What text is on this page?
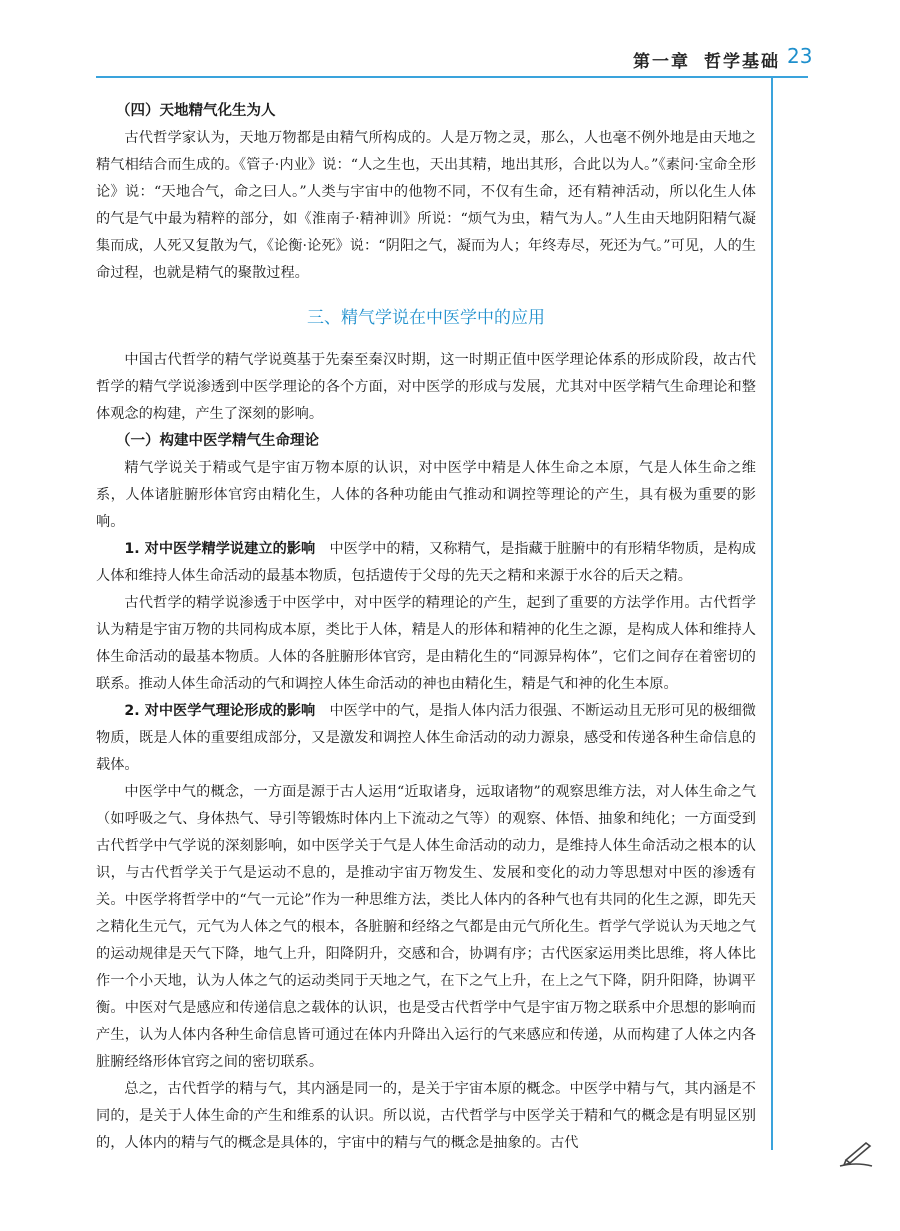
第一章 哲学基础 23
（四）天地精气化生为人

古代哲学家认为，天地万物都是由精气所构成的。人是万物之灵，那么，人也毫不例外地是由天地之精气相结合而生成的。《管子·内业》说：“人之生也，天出其精，地出其形，合此以为人。”《素问·宝命全形论》说：“天地合气，命之曰人。”人类与宇宙中的他物不同，不仅有生命，还有精神活动，所以化生人体的气是气中最为精粹的部分，如《淮南子·精神训》所说：“烦气为虫，精气为人。”人生由天地阴阳精气凝集而成，人死又复散为气，《论衡·论死》说：“阴阳之气，凝而为人；年终寿尽，死还为气。”可见，人的生命过程，也就是精气的聚散过程。

三、精气学说在中医学中的应用

中国古代哲学的精气学说奠基于先秦至秦汉时期，这一时期正值中医学理论体系的形成阶段，故古代哲学的精气学说渗透到中医学理论的各个方面，对中医学的形成与发展，尤其对中医学精气生命理论和整体观念的构建，产生了深刻的影响。

（一）构建中医学精气生命理论

精气学说关于精或气是宇宙万物本原的认识，对中医学中精是人体生命之本原，气是人体生命之维系，人体诸脏腑形体官窍由精化生，人体的各种功能由气推动和调控等理论的产生，具有极为重要的影响。

1. 对中医学精学说建立的影响　 中医学中的精，又称精气，是指藏于脏腑中的有形精华物质，是构成人体和维持人体生命活动的最基本物质，包括遗传于父母的先天之精和来源于水谷的后天之精。

古代哲学的精学说渗透于中医学中，对中医学的精理论的产生，起到了重要的方法学作用。古代哲学认为精是宇宙万物的共同构成本原，类比于人体，精是人的形体和精神的化生之源，是构成人体和维持人体生命活动的最基本物质。人体的各脏腑形体官窍，是由精化生的“同源异构体”，它们之间存在着密切的联系。推动人体生命活动的气和调控人体生命活动的神也由精化生，精是气和神的化生本原。

2. 对中医学气理论形成的影响　 中医学中的气，是指人体内活力很强、不断运动且无形可见的极细微物质，既是人体的重要组成部分，又是激发和调控人体生命活动的动力源泉，感受和传递各种生命信息的载体。

中医学中气的概念，一方面是源于古人运用“近取诸身，远取诸物”的观察思维方法，对人体生命之气（如呼吸之气、身体热气、导引等锻炼时体内上下流动之气等）的观察、体悟、抽象和纯化；一方面受到古代哲学中气学说的深刻影响，如中医学关于气是人体生命活动的动力，是维持人体生命活动之根本的认识，与古代哲学关于气是运动不息的，是推动宇宙万物发生、发展和变化的动力等思想对中医的渗透有关。中医学将哲学中的“气一元论”作为一种思维方法，类比人体内的各种气也有共同的化生之源，即先天之精化生元气，元气为人体之气的根本，各脏腑和经络之气都是由元气所化生。哲学气学说认为天地之气的运动规律是天气下降，地气上升，阳降阴升，交感和合，协调有序；古代医家运用类比思维，将人体比作一个小天地，认为人体之气的运动类同于天地之气，在下之气上升，在上之气下降，阴升阳降，协调平衡。中医对气是感应和传递信息之载体的认识，也是受古代哲学中气是宇宙万物之联系中介思想的影响而产生，认为人体内各种生命信息皆可通过在体内升降出入运行的气来感应和传递，从而构建了人体之内各脏腑经络形体官窍之间的密切联系。

总之，古代哲学的精与气，其内涵是同一的，是关于宇宙本原的概念。中医学中精与气，其内涵是不同的，是关于人体生命的产生和维系的认识。所以说，古代哲学与中医学关于精和气的概念是有明显区别的，人体内的精与气的概念是具体的，宇宙中的精与气的概念是抽象的。古代
